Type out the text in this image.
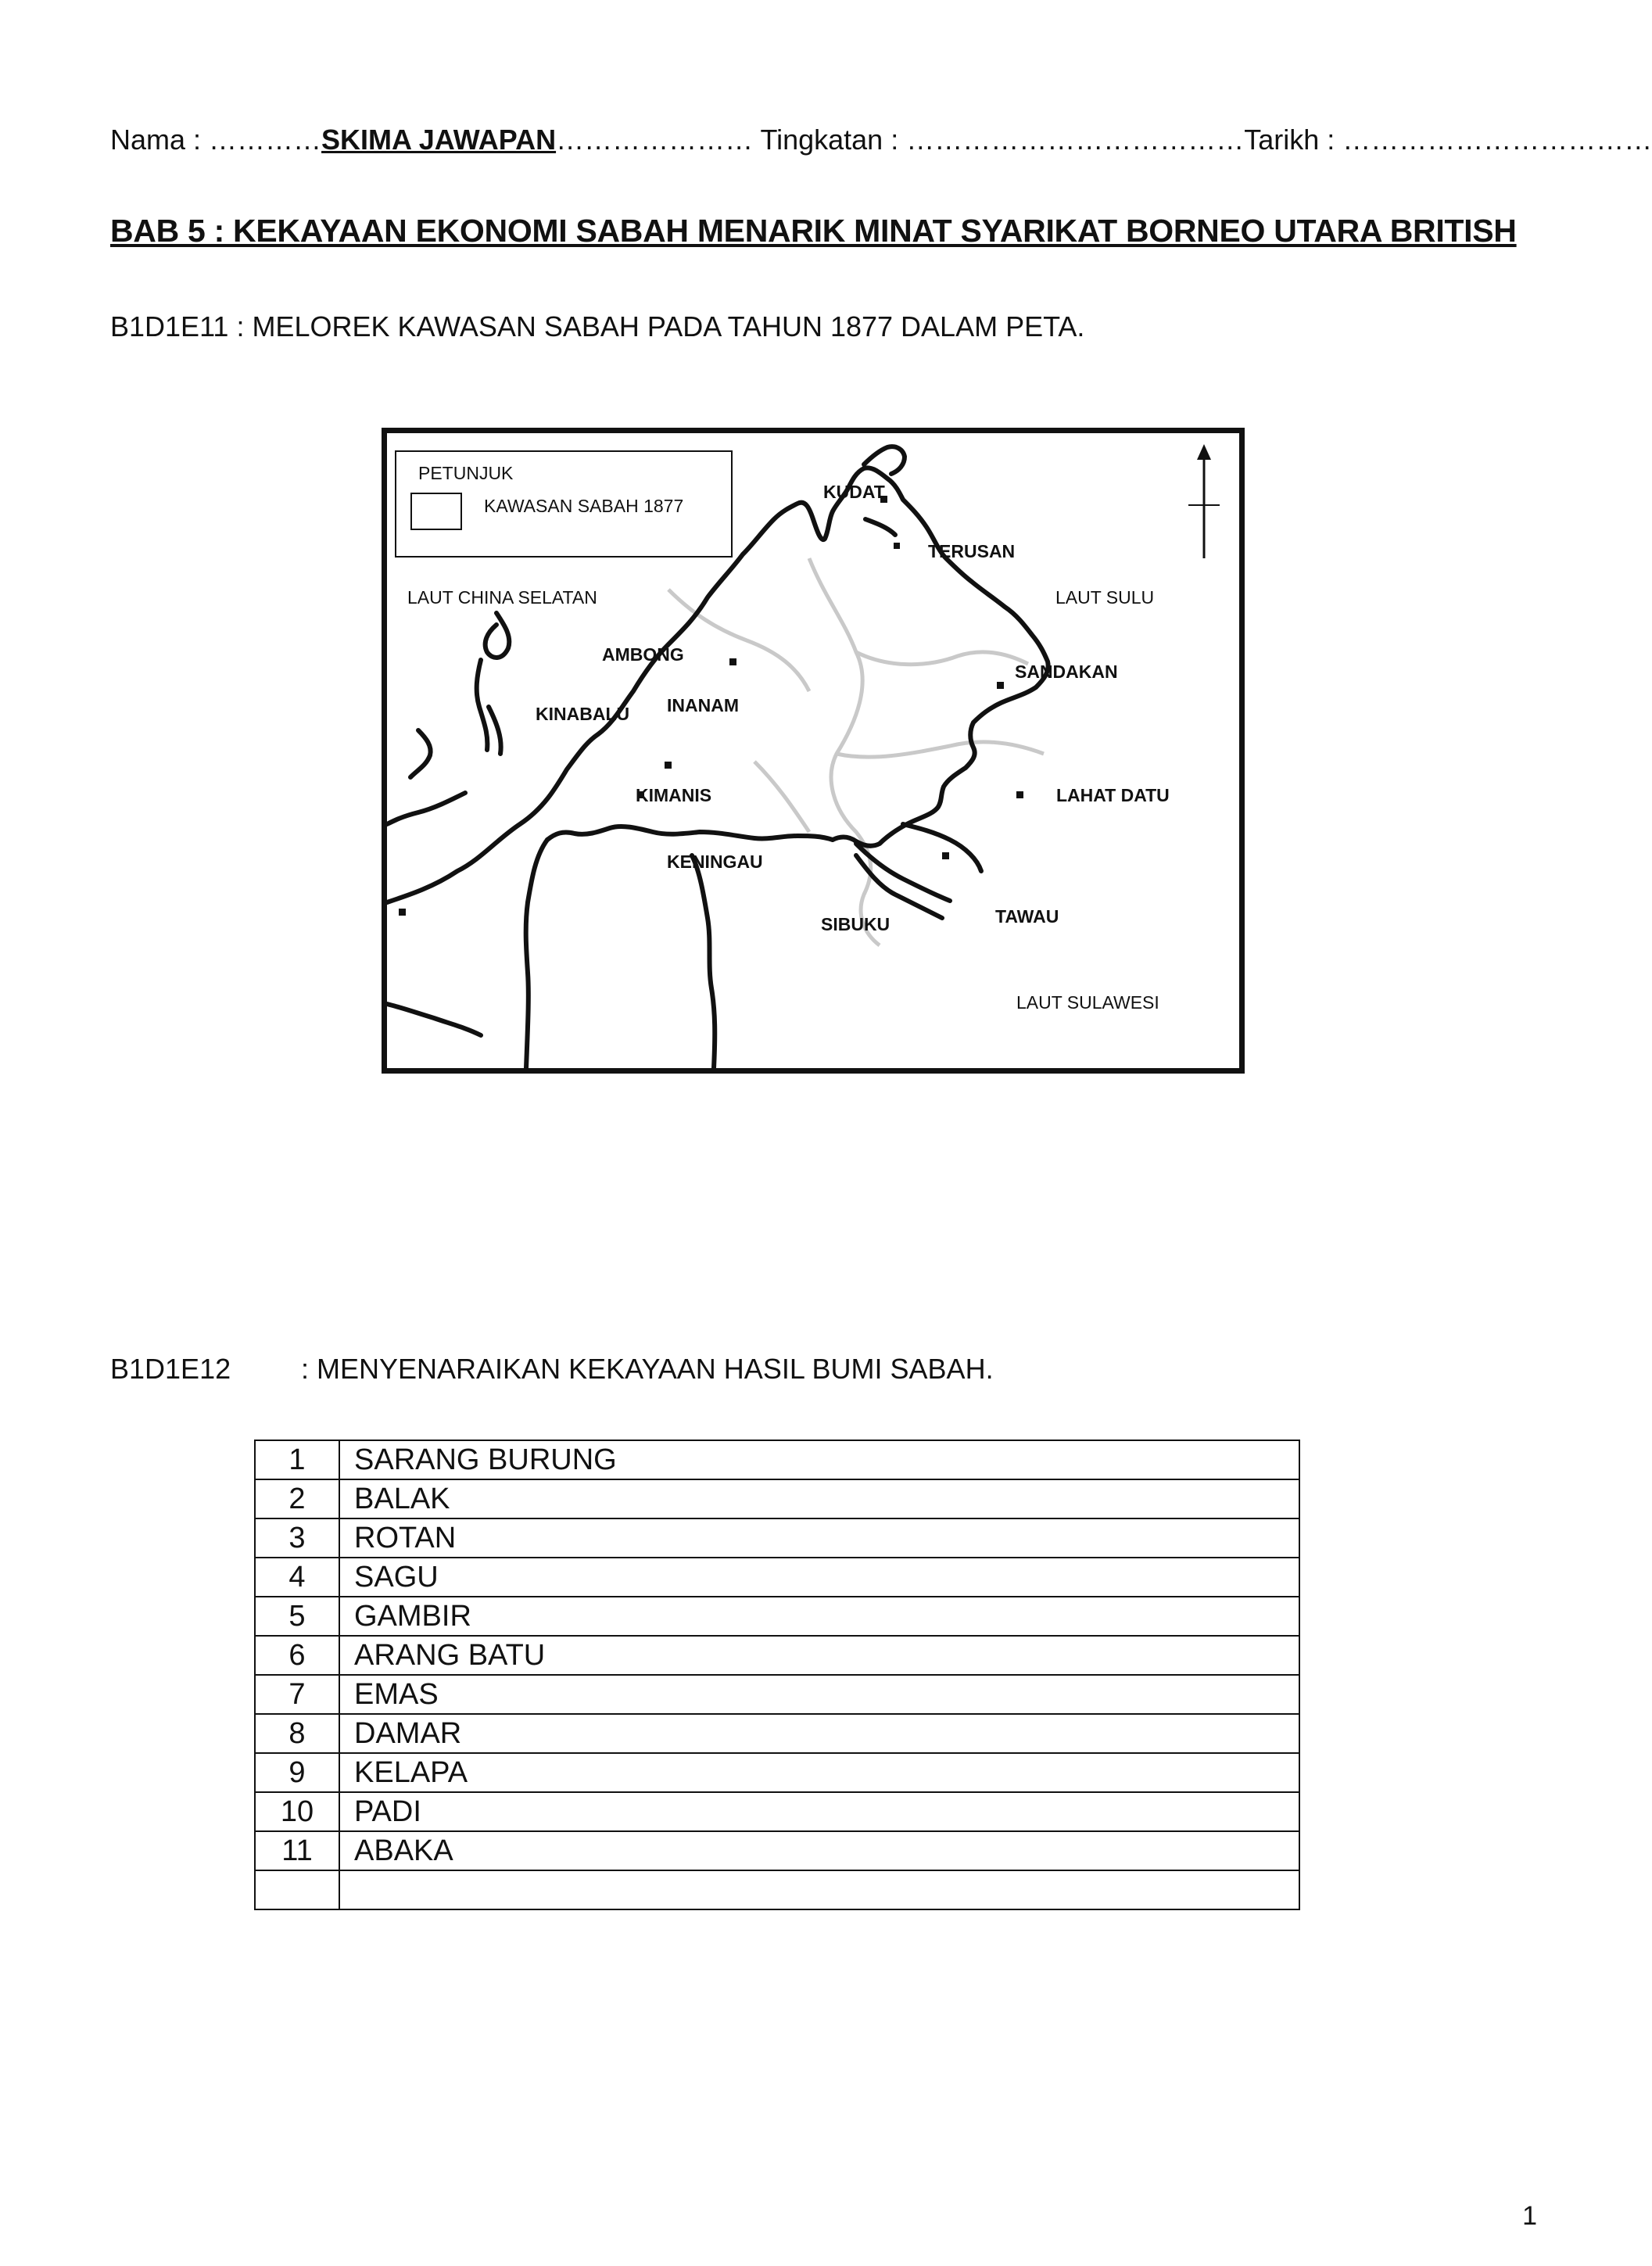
Nama : …………SKIMA JAWAPAN………………… Tingkatan : ………………………………Tarikh : ……………………………
BAB 5 : KEKAYAAN EKONOMI SABAH MENARIK MINAT SYARIKAT BORNEO UTARA BRITISH
B1D1E11 : MELOREK KAWASAN SABAH PADA TAHUN 1877 DALAM PETA.
PETUNJUK
KAWASAN SABAH 1877
LAUT CHINA SELATAN	LAUT SULU
LAUT SULAWESI
KUDAT
TERUSAN
AMBONG
SANDAKAN
INANAM
KINABALU
KIMANIS	LAHAT DATU
KENINGAU
TAWAU
SIBUKU
B1D1E12 : MENYENARAIKAN KEKAYAAN HASIL BUMI SABAH.
1	SARANG BURUNG
2	BALAK
3	ROTAN
4	SAGU
5	GAMBIR
6	ARANG BATU
7	EMAS
8	DAMAR
9	KELAPA
10	PADI
11	ABAKA

1
